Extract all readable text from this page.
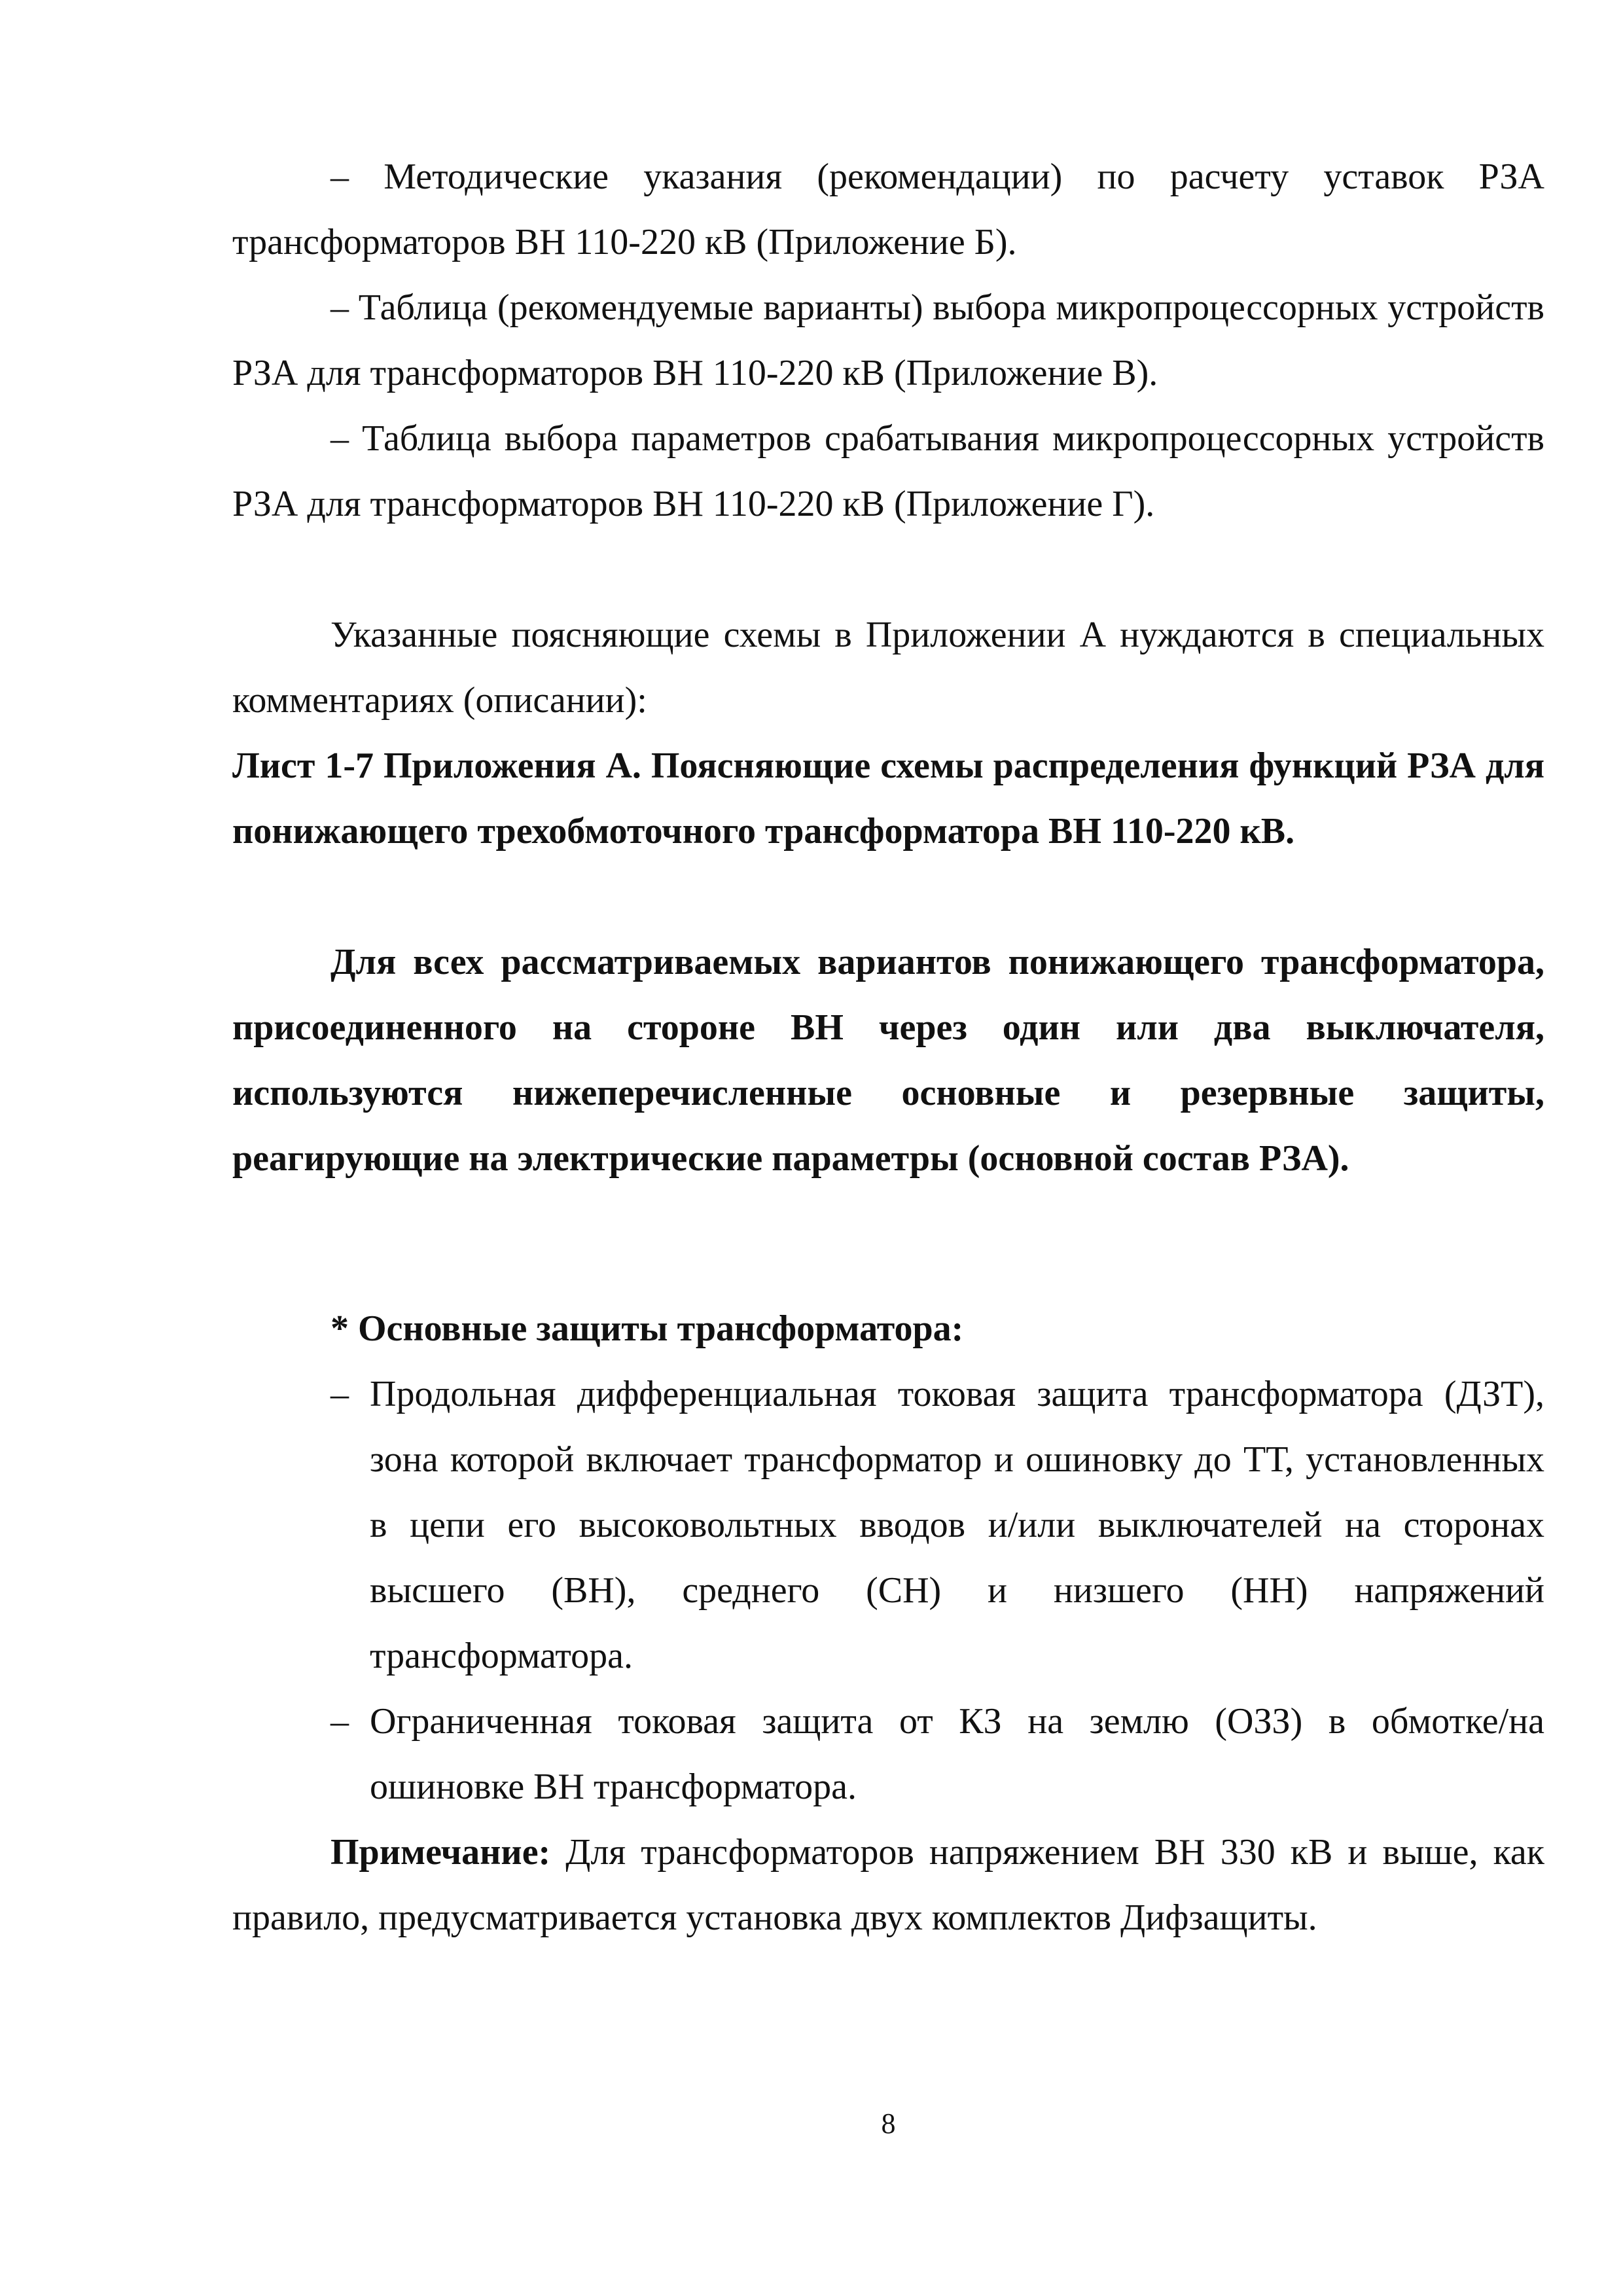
– Методические указания (рекомендации) по расчету уставок РЗА трансформаторов ВН 110-220 кВ (Приложение Б).

– Таблица (рекомендуемые варианты) выбора микропроцессорных устройств РЗА для трансформаторов ВН 110-220 кВ (Приложение В).

– Таблица выбора параметров срабатывания микропроцессорных устройств РЗА для трансформаторов ВН 110-220 кВ (Приложение Г).

Указанные поясняющие схемы в Приложении А нуждаются в специальных комментариях (описании):

Лист 1-7 Приложения А. Поясняющие схемы распределения функций РЗА для понижающего трехобмоточного трансформатора ВН 110-220 кВ.

Для всех рассматриваемых вариантов понижающего трансформатора, присоединенного на стороне ВН через один или два выключателя, используются нижеперечисленные основные и резервные защиты, реагирующие на электрические параметры (основной состав РЗА).

* Основные защиты трансформатора:

– Продольная дифференциальная токовая защита трансформатора (ДЗТ), зона которой включает трансформатор и ошиновку до ТТ, установленных в цепи его высоковольтных вводов и/или выключателей на сторонах высшего (ВН), среднего (СН) и низшего (НН) напряжений трансформатора.
– Ограниченная токовая защита от КЗ на землю (ОЗЗ) в обмотке/на ошиновке ВН трансформатора.

Примечание: Для трансформаторов напряжением ВН 330 кВ и выше, как правило, предусматривается установка двух комплектов Дифзащиты.

8
